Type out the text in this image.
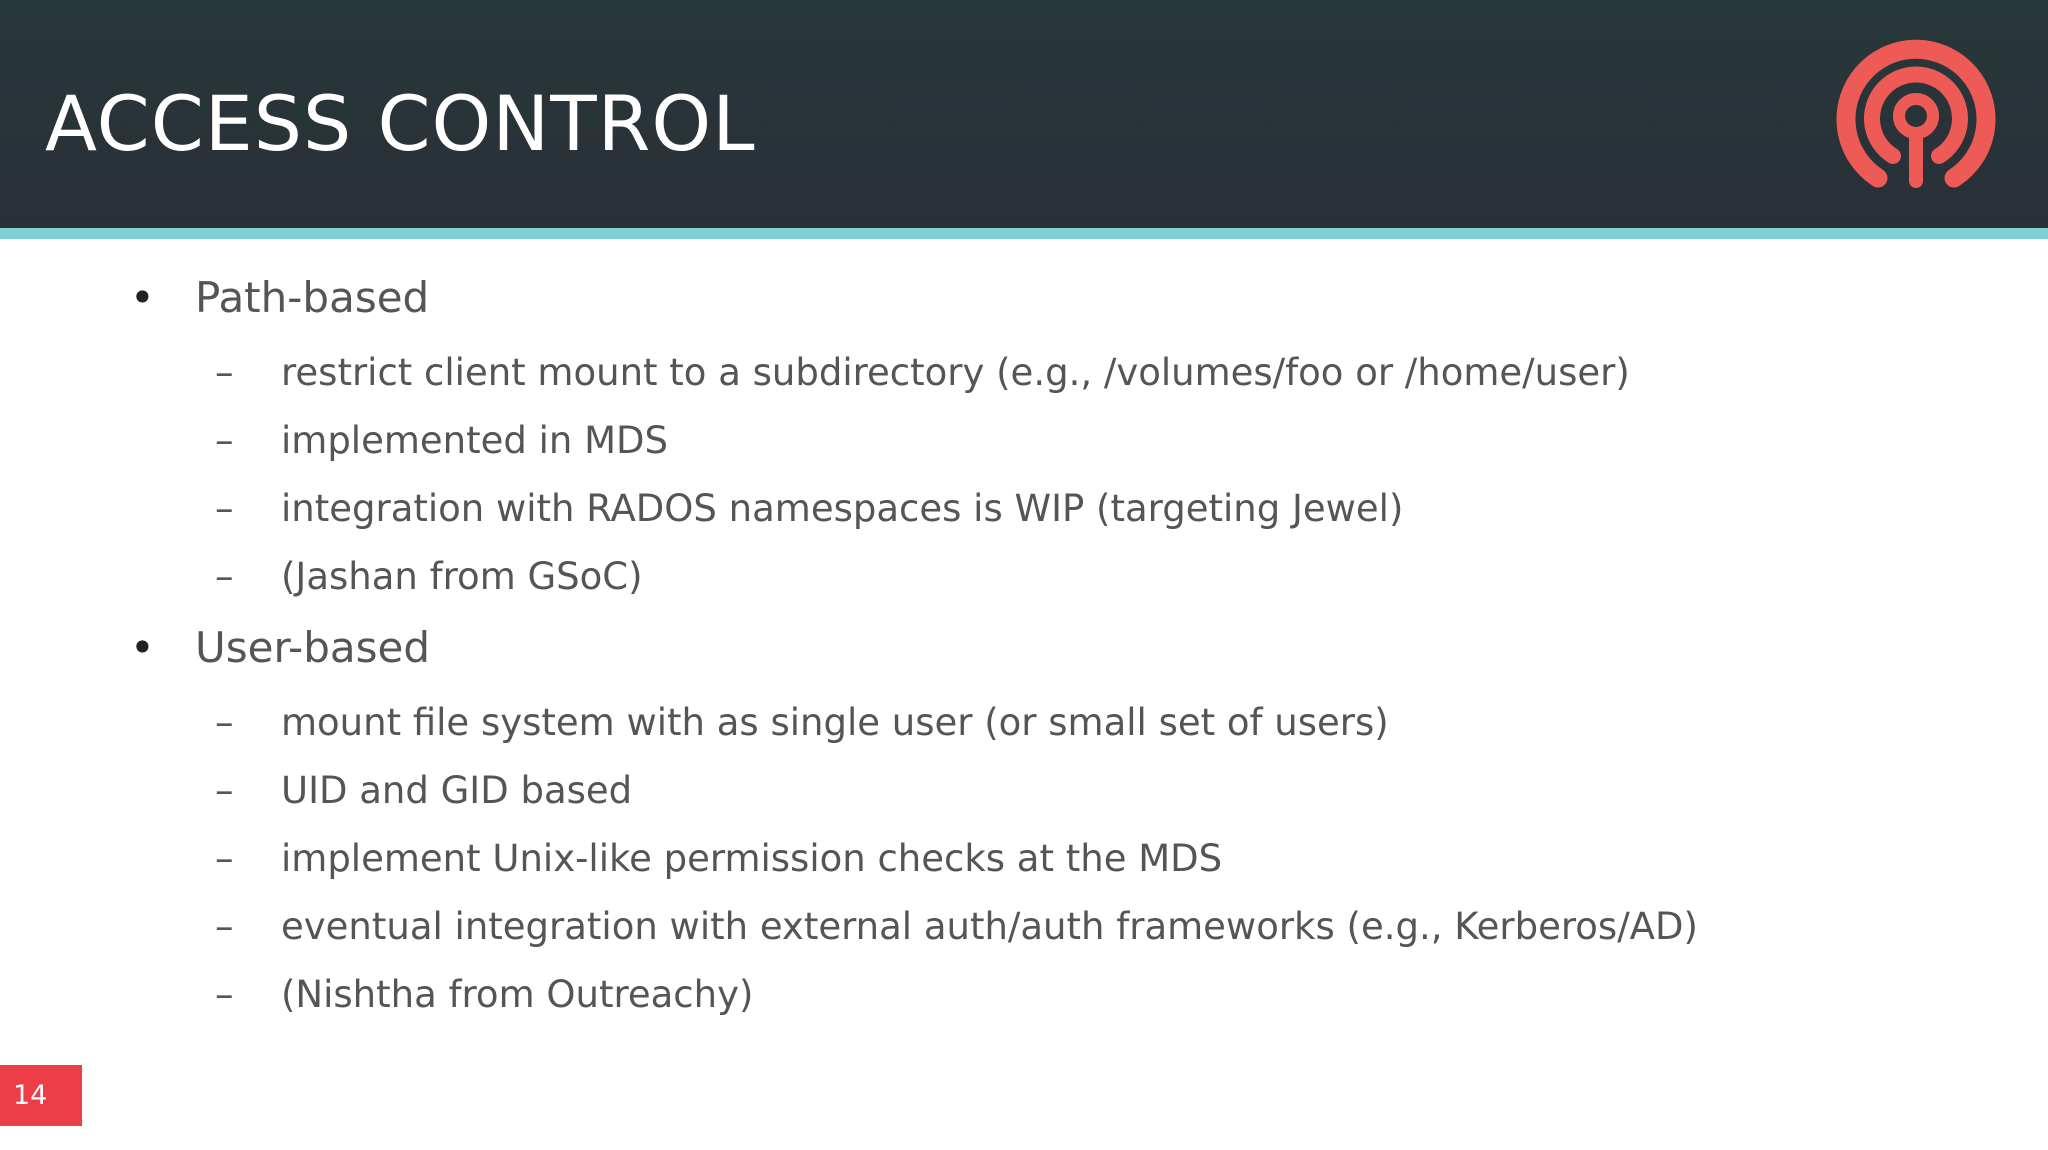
ACCESS CONTROL
• Path-based
– restrict client mount to a subdirectory (e.g., /volumes/foo or /home/user)
– implemented in MDS
– integration with RADOS namespaces is WIP (targeting Jewel)
– (Jashan from GSoC)
• User-based
– mount file system with as single user (or small set of users)
– UID and GID based
– implement Unix-like permission checks at the MDS
– eventual integration with external auth/auth frameworks (e.g., Kerberos/AD)
– (Nishtha from Outreachy)
14
